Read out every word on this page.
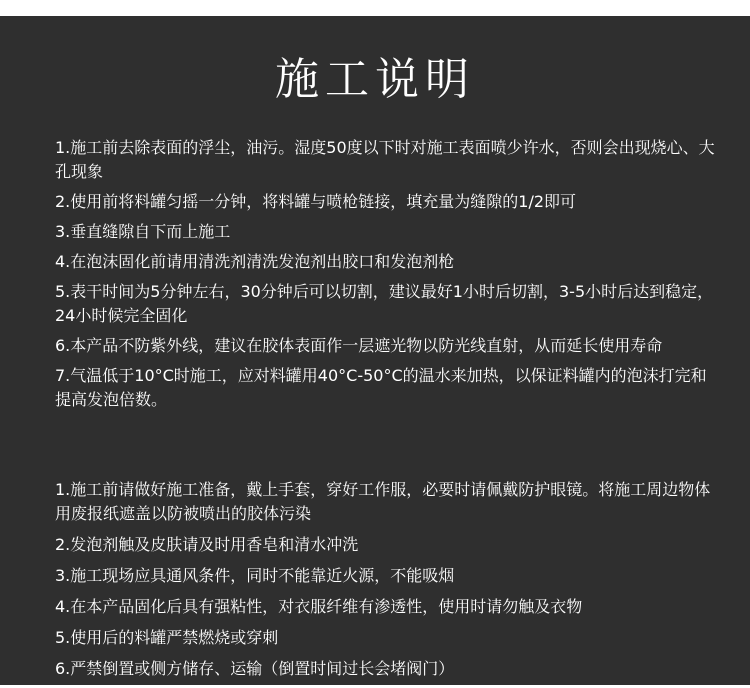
施工说明
1.施工前去除表面的浮尘，油污。湿度50度以下时对施工表面喷少许水，否则会出现烧心、大孔现象
2.使用前将料罐匀摇一分钟，将料罐与喷枪链接，填充量为缝隙的1/2即可
3.垂直缝隙自下而上施工
4.在泡沫固化前请用清洗剂清洗发泡剂出胶口和发泡剂枪
5.表干时间为5分钟左右，30分钟后可以切割，建议最好1小时后切割，3-5小时后达到稳定，24小时候完全固化
6.本产品不防紫外线，建议在胶体表面作一层遮光物以防光线直射，从而延长使用寿命
7.气温低于10°C时施工，应对料罐用40°C-50°C的温水来加热，以保证料罐内的泡沫打完和提高发泡倍数。
1.施工前请做好施工准备，戴上手套，穿好工作服，必要时请佩戴防护眼镜。将施工周边物体用废报纸遮盖以防被喷出的胶体污染
2.发泡剂触及皮肤请及时用香皂和清水冲洗
3.施工现场应具通风条件，同时不能靠近火源，不能吸烟
4.在本产品固化后具有强粘性，对衣服纤维有渗透性，使用时请勿触及衣物
5.使用后的料罐严禁燃烧或穿刺
6.严禁倒置或侧方储存、运输（倒置时间过长会堵阀门）
